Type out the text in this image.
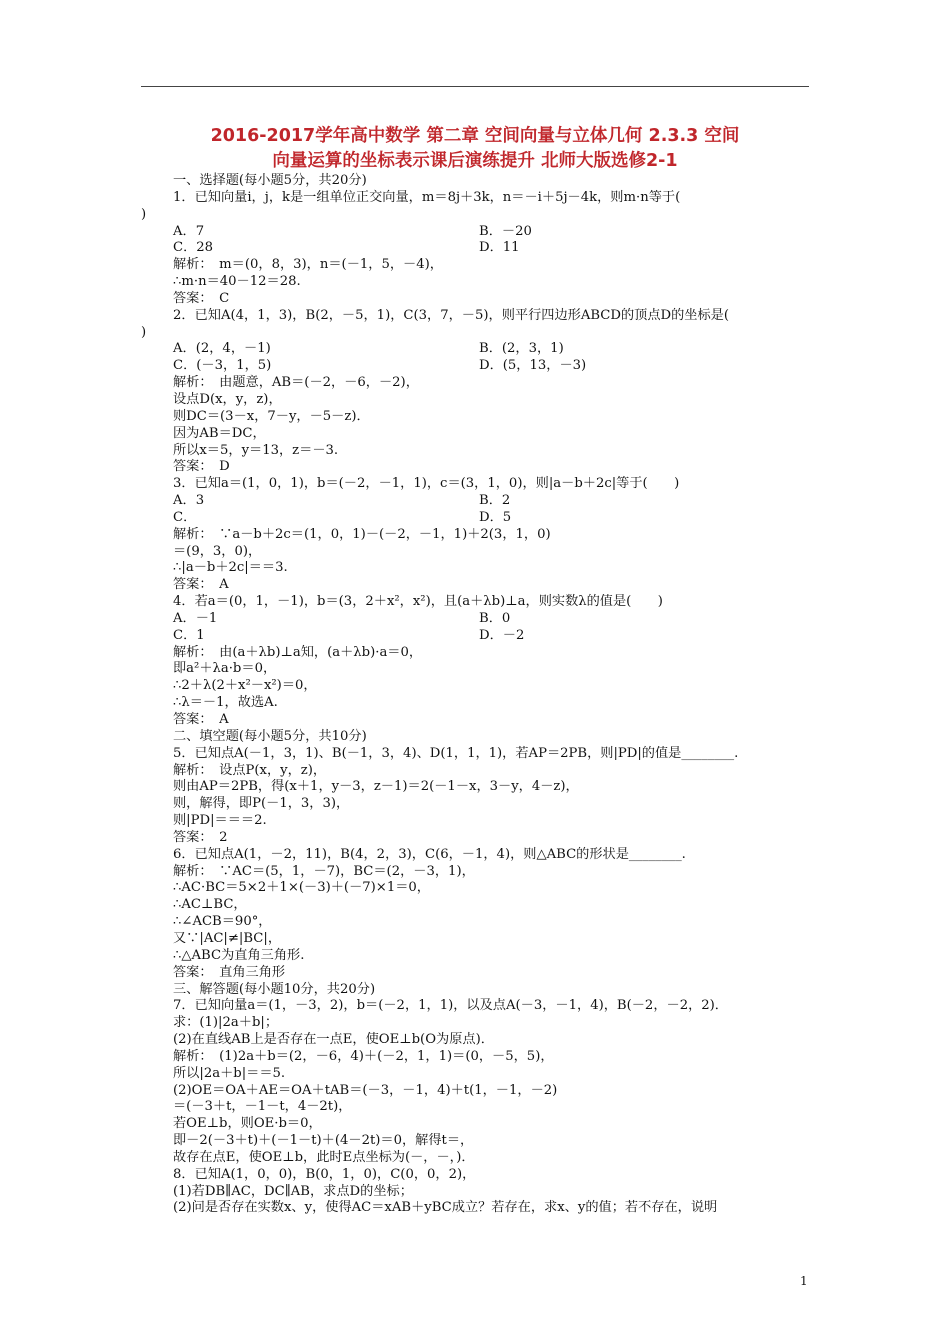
2016-2017学年高中数学 第二章 空间向量与立体几何 2.3.3 空间
向量运算的坐标表示课后演练提升 北师大版选修2-1
一、选择题(每小题5分，共20分)
1．已知向量i，j，k是一组单位正交向量，m＝8j＋3k，n＝－i＋5j－4k，则m·n等于(
)
A．7	B．－20
C．28	D．11
解析：　m＝(0，8，3)，n＝(－1，5，－4)，
∴m·n＝40－12＝28.
答案：　C
2．已知A(4，1，3)，B(2，－5，1)，C(3，7，－5)，则平行四边形ABCD的顶点D的坐标是(
)
A．(2，4，－1)	B．(2，3，1)
C．(－3，1，5)	D．(5，13，－3)
解析：　由题意，AB＝(－2，－6，－2)，
设点D(x，y，z)，
则DC＝(3－x，7－y，－5－z)．
因为AB＝DC，
所以x＝5，y＝13，z＝－3.
答案：　D
3．已知a＝(1，0，1)，b＝(－2，－1，1)，c＝(3，1，0)，则|a－b＋2c|等于(　　)
A．3	B．2
C．	D．5
解析：　∵a－b＋2c＝(1，0，1)－(－2，－1，1)＋2(3，1，0)
＝(9，3，0)，
∴|a－b＋2c|＝＝3.
答案：　A
4．若a＝(0，1，－1)，b＝(3，2＋x²，x²)，且(a＋λb)⊥a，则实数λ的值是(　　)
A．－1	B．0
C．1	D．－2
解析：　由(a＋λb)⊥a知，(a＋λb)·a＝0，
即a²＋λa·b＝0，
∴2＋λ(2＋x²－x²)＝0，
∴λ＝－1，故选A.
答案：　A
二、填空题(每小题5分，共10分)
5．已知点A(－1，3，1)、B(－1，3，4)、D(1，1，1)，若AP＝2PB，则|PD|的值是________.
解析：　设点P(x，y，z)，
则由AP＝2PB，得(x＋1，y－3，z－1)＝2(－1－x，3－y，4－z)，
则，解得，即P(－1，3，3)，
则|PD|＝＝＝2.
答案：　2
6．已知点A(1，－2，11)，B(4，2，3)，C(6，－1，4)，则△ABC的形状是________.
解析：　∵AC＝(5，1，－7)，BC＝(2，－3，1)，
∴AC·BC＝5×2＋1×(－3)＋(－7)×1＝0，
∴AC⊥BC，
∴∠ACB＝90°，
又∵|AC|≠|BC|，
∴△ABC为直角三角形.
答案：　直角三角形
三、解答题(每小题10分，共20分)
7．已知向量a＝(1，－3，2)，b＝(－2，1，1)，以及点A(－3，－1，4)，B(－2，－2，2)．
求：(1)|2a＋b|；
(2)在直线AB上是否存在一点E，使OE⊥b(O为原点)．
解析：　(1)2a＋b＝(2，－6，4)＋(－2，1，1)＝(0，－5，5)，
所以|2a＋b|＝＝5.
(2)OE＝OA＋AE＝OA＋tAB＝(－3，－1，4)＋t(1，－1，－2)
＝(－3＋t，－1－t，4－2t)，
若OE⊥b，则OE·b＝0，
即－2(－3＋t)＋(－1－t)＋(4－2t)＝0，解得t＝，
故存在点E，使OE⊥b，此时E点坐标为(－，－，)．
8．已知A(1，0，0)，B(0，1，0)，C(0，0，2)，
(1)若DB∥AC，DC∥AB，求点D的坐标；
(2)问是否存在实数x、y，使得AC＝xAB＋yBC成立？若存在，求x、y的值；若不存在，说明
1
